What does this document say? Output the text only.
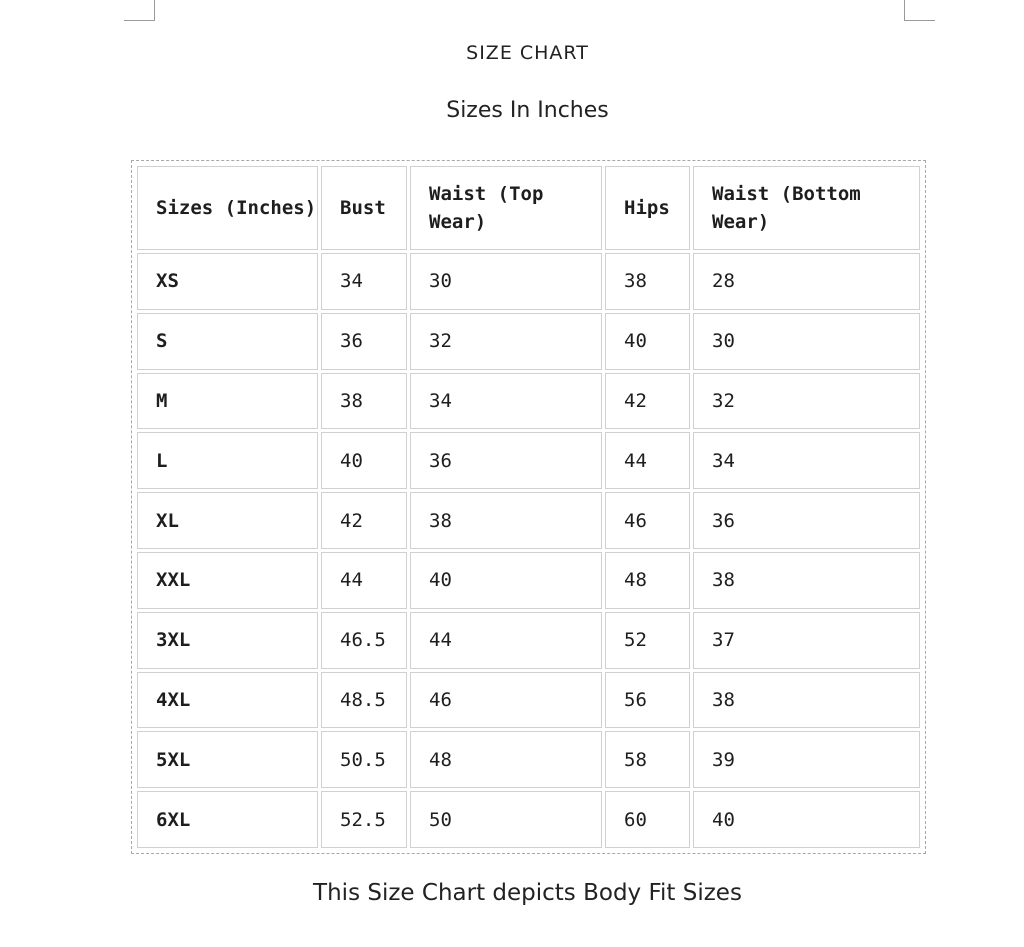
SIZE CHART
Sizes In Inches
Sizes (Inches)	Bust	Waist (Top Wear)	Hips	Waist (Bottom Wear)
XS	34	30	38	28
S	36	32	40	30
M	38	34	42	32
L	40	36	44	34
XL	42	38	46	36
XXL	44	40	48	38
3XL	46.5	44	52	37
4XL	48.5	46	56	38
5XL	50.5	48	58	39
6XL	52.5	50	60	40
This Size Chart depicts Body Fit Sizes
